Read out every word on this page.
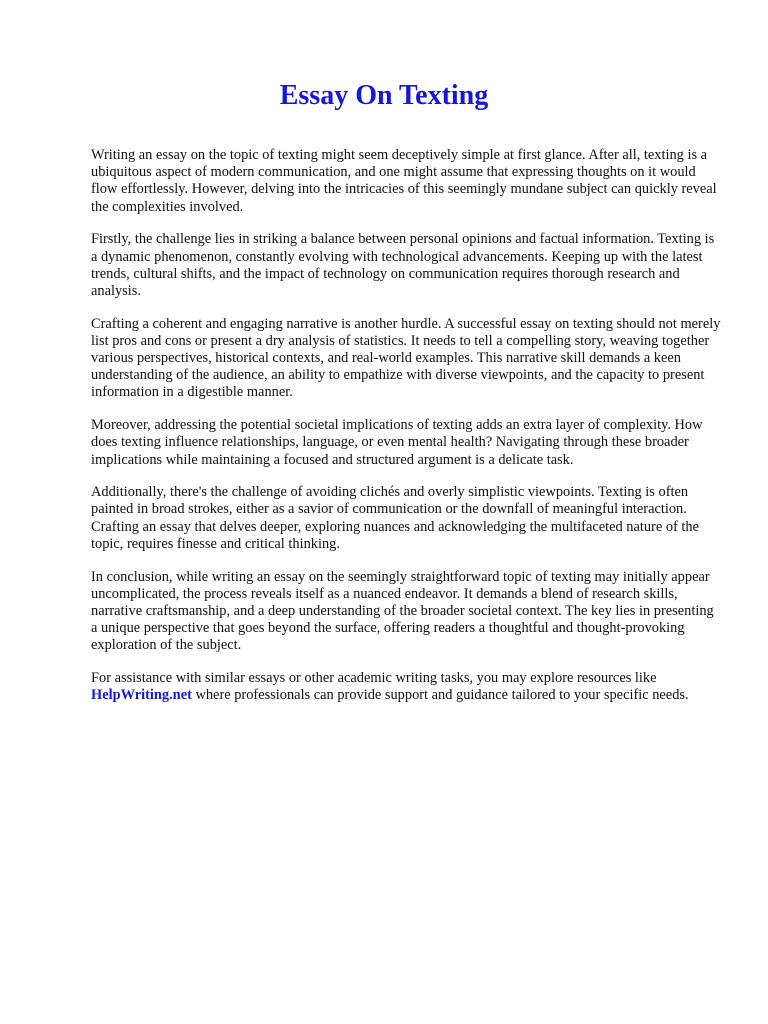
Essay On Texting

Writing an essay on the topic of texting might seem deceptively simple at first glance. After all, texting is a ubiquitous aspect of modern communication, and one might assume that expressing thoughts on it would flow effortlessly. However, delving into the intricacies of this seemingly mundane subject can quickly reveal the complexities involved.

Firstly, the challenge lies in striking a balance between personal opinions and factual information. Texting is a dynamic phenomenon, constantly evolving with technological advancements. Keeping up with the latest trends, cultural shifts, and the impact of technology on communication requires thorough research and analysis.

Crafting a coherent and engaging narrative is another hurdle. A successful essay on texting should not merely list pros and cons or present a dry analysis of statistics. It needs to tell a compelling story, weaving together various perspectives, historical contexts, and real-world examples. This narrative skill demands a keen understanding of the audience, an ability to empathize with diverse viewpoints, and the capacity to present information in a digestible manner.

Moreover, addressing the potential societal implications of texting adds an extra layer of complexity. How does texting influence relationships, language, or even mental health? Navigating through these broader implications while maintaining a focused and structured argument is a delicate task.

Additionally, there's the challenge of avoiding clichés and overly simplistic viewpoints. Texting is often painted in broad strokes, either as a savior of communication or the downfall of meaningful interaction. Crafting an essay that delves deeper, exploring nuances and acknowledging the multifaceted nature of the topic, requires finesse and critical thinking.

In conclusion, while writing an essay on the seemingly straightforward topic of texting may initially appear uncomplicated, the process reveals itself as a nuanced endeavor. It demands a blend of research skills, narrative craftsmanship, and a deep understanding of the broader societal context. The key lies in presenting a unique perspective that goes beyond the surface, offering readers a thoughtful and thought-provoking exploration of the subject.

For assistance with similar essays or other academic writing tasks, you may explore resources like HelpWriting.net where professionals can provide support and guidance tailored to your specific needs.
